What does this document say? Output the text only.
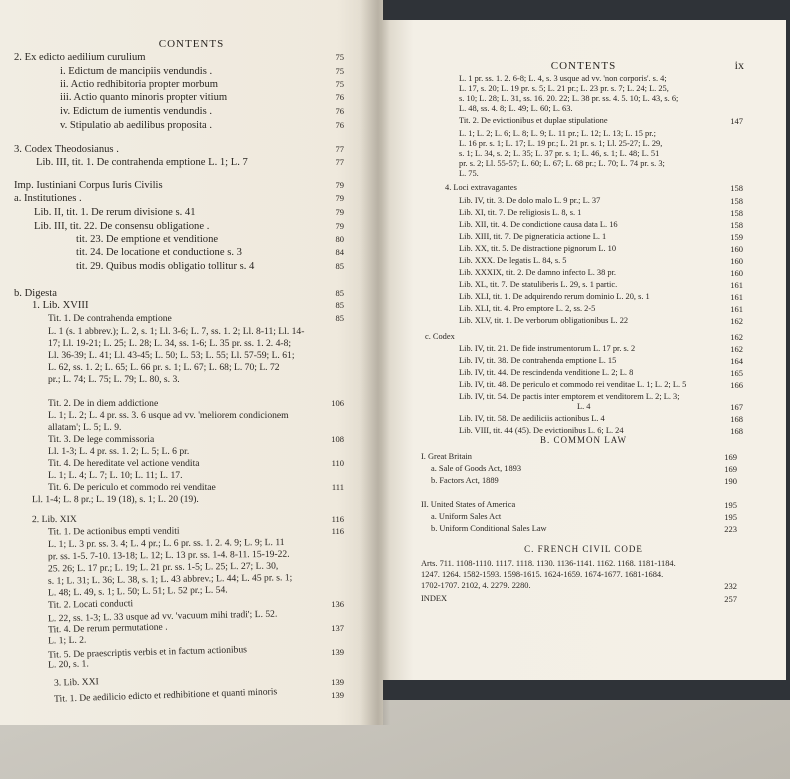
CONTENTS
2. Ex edicto aedilium curulium	75
i. Edictum de mancipiis vendundis .	75
ii. Actio redhibitoria propter morbum	75
iii. Actio quanto minoris propter vitium	76
iv. Edictum de iumentis vendundis .	76
v. Stipulatio ab aedilibus proposita .	76
3. Codex Theodosianus .	77
Lib. III, tit. 1. De contrahenda emptione L. 1; L. 7	77
Imp. Iustiniani Corpus Iuris Civilis	79
a. Institutiones .	79
Lib. II, tit. 1. De rerum divisione s. 41	79
Lib. III, tit. 22. De consensu obligatione .	79
tit. 23. De emptione et venditione	80
tit. 24. De locatione et conductione s. 3	84
tit. 29. Quibus modis obligatio tollitur s. 4	85
b. Digesta	85
1. Lib. XVIII	85
Tit. 1. De contrahenda emptione	85
L. 1 (s. 1 abbrev.); L. 2, s. 1; Ll. 3-6; L. 7, ss. 1. 2; Ll. 8-11; Ll. 14-
17; Ll. 19-21; L. 25; L. 28; L. 34, ss. 1-6; L. 35 pr. ss. 1. 2. 4-8;
Ll. 36-39; L. 41; Ll. 43-45; L. 50; L. 53; L. 55; Ll. 57-59; L. 61;
L. 62, ss. 1. 2; L. 65; L. 66 pr. s. 1; L. 67; L. 68; L. 70; L. 72
pr.; L. 74; L. 75; L. 79; L. 80, s. 3.
Tit. 2. De in diem addictione	106
L. 1; L. 2; L. 4 pr. ss. 3. 6 usque ad vv. 'meliorem condicionem
allatam'; L. 5; L. 9.
Tit. 3. De lege commissoria	108
Ll. 1-3; L. 4 pr. ss. 1. 2; L. 5; L. 6 pr.
Tit. 4. De hereditate vel actione vendita	110
L. 1; L. 4; L. 7; L. 10; L. 11; L. 17.
Tit. 6. De periculo et commodo rei venditae	111
Ll. 1-4; L. 8 pr.; L. 19 (18), s. 1; L. 20 (19).
2. Lib. XIX	116
Tit. 1. De actionibus empti venditi	116
L. 1; L. 3 pr. ss. 3. 4; L. 4 pr.; L. 6 pr. ss. 1. 2. 4. 9; L. 9; L. 11
pr. ss. 1-5. 7-10. 13-18; L. 12; L. 13 pr. ss. 1-4. 8-11. 15-19-22.
25. 26; L. 17 pr.; L. 19; L. 21 pr. ss. 1-5; L. 25; L. 27; L. 30,
s. 1; L. 31; L. 36; L. 38, s. 1; L. 43 abbrev.; L. 44; L. 45 pr. s. 1;
L. 48; L. 49, s. 1; L. 50; L. 51; L. 52 pr.; L. 54.
Tit. 2. Locati conducti	136
L. 22, ss. 1-3; L. 33 usque ad vv. 'vacuum mihi tradi'; L. 52.
Tit. 4. De rerum permutatione .	137
L. 1; L. 2.
Tit. 5. De praescriptis verbis et in factum actionibus	139
L. 20, s. 1.
3. Lib. XXI	139
Tit. 1. De aedilicio edicto et redhibitione et quanti minoris	139
CONTENTS	ix
B. COMMON LAW
C. FRENCH CIVIL CODE
L. 1 pr. ss. 1. 2. 6-8; L. 4, s. 3 usque ad vv. 'non corporis'. s. 4;
L. 17, s. 20; L. 19 pr. s. 5; L. 21 pr.; L. 23 pr. s. 7; L. 24; L. 25,
s. 10; L. 28; L. 31, ss. 16. 20. 22; L. 38 pr. ss. 4. 5. 10; L. 43, s. 6;
L. 48, ss. 4. 8; L. 49; L. 60; L. 63.
Tit. 2. De evictionibus et duplae stipulatione	147
L. 1; L. 2; L. 6; L. 8; L. 9; L. 11 pr.; L. 12; L. 13; L. 15 pr.;
L. 16 pr. s. 1; L. 17; L. 19 pr.; L. 21 pr. s. 1; Ll. 25-27; L. 29,
s. 1; L. 34, s. 2; L. 35; L. 37 pr. s. 1; L. 46, s. 1; L. 48; L. 51
pr. s. 2; Ll. 55-57; L. 60; L. 67; L. 68 pr.; L. 70; L. 74 pr. s. 3;
L. 75.
4. Loci extravagantes	158
Lib. IV, tit. 3. De dolo malo L. 9 pr.; L. 37	158
Lib. XI, tit. 7. De religiosis L. 8, s. 1	158
Lib. XII, tit. 4. De condictione causa data L. 16	158
Lib. XIII, tit. 7. De pigneraticia actione L. 1	159
Lib. XX, tit. 5. De distractione pignorum L. 10	160
Lib. XXX. De legatis L. 84, s. 5	160
Lib. XXXIX, tit. 2. De damno infecto L. 38 pr.	160
Lib. XL, tit. 7. De statuliberis L. 29, s. 1 partic.	161
Lib. XLI, tit. 1. De adquirendo rerum dominio L. 20, s. 1	161
Lib. XLI, tit. 4. Pro emptore L. 2, ss. 2-5	161
Lib. XLV, tit. 1. De verborum obligationibus L. 22	162
c. Codex	162
Lib. IV, tit. 21. De fide instrumentorum L. 17 pr. s. 2	162
Lib. IV, tit. 38. De contrahenda emptione L. 15	164
Lib. IV, tit. 44. De rescindenda venditione L. 2; L. 8	165
Lib. IV, tit. 48. De periculo et commodo rei venditae L. 1; L. 2; L. 5	166
Lib. IV, tit. 54. De pactis inter emptorem et venditorem L. 2; L. 3;
L. 4	167
Lib. IV, tit. 58. De aediliciis actionibus L. 4	168
Lib. VIII, tit. 44 (45). De evictionibus L. 6; L. 24	168
I. Great Britain	169
a. Sale of Goods Act, 1893	169
b. Factors Act, 1889	190
II. United States of America	195
a. Uniform Sales Act	195
b. Uniform Conditional Sales Law	223
Arts. 711. 1108-1110. 1117. 1118. 1130. 1136-1141. 1162. 1168. 1181-1184.
1247. 1264. 1582-1593. 1598-1615. 1624-1659. 1674-1677. 1681-1684.
1702-1707. 2102, 4. 2279. 2280.	232
INDEX	257
